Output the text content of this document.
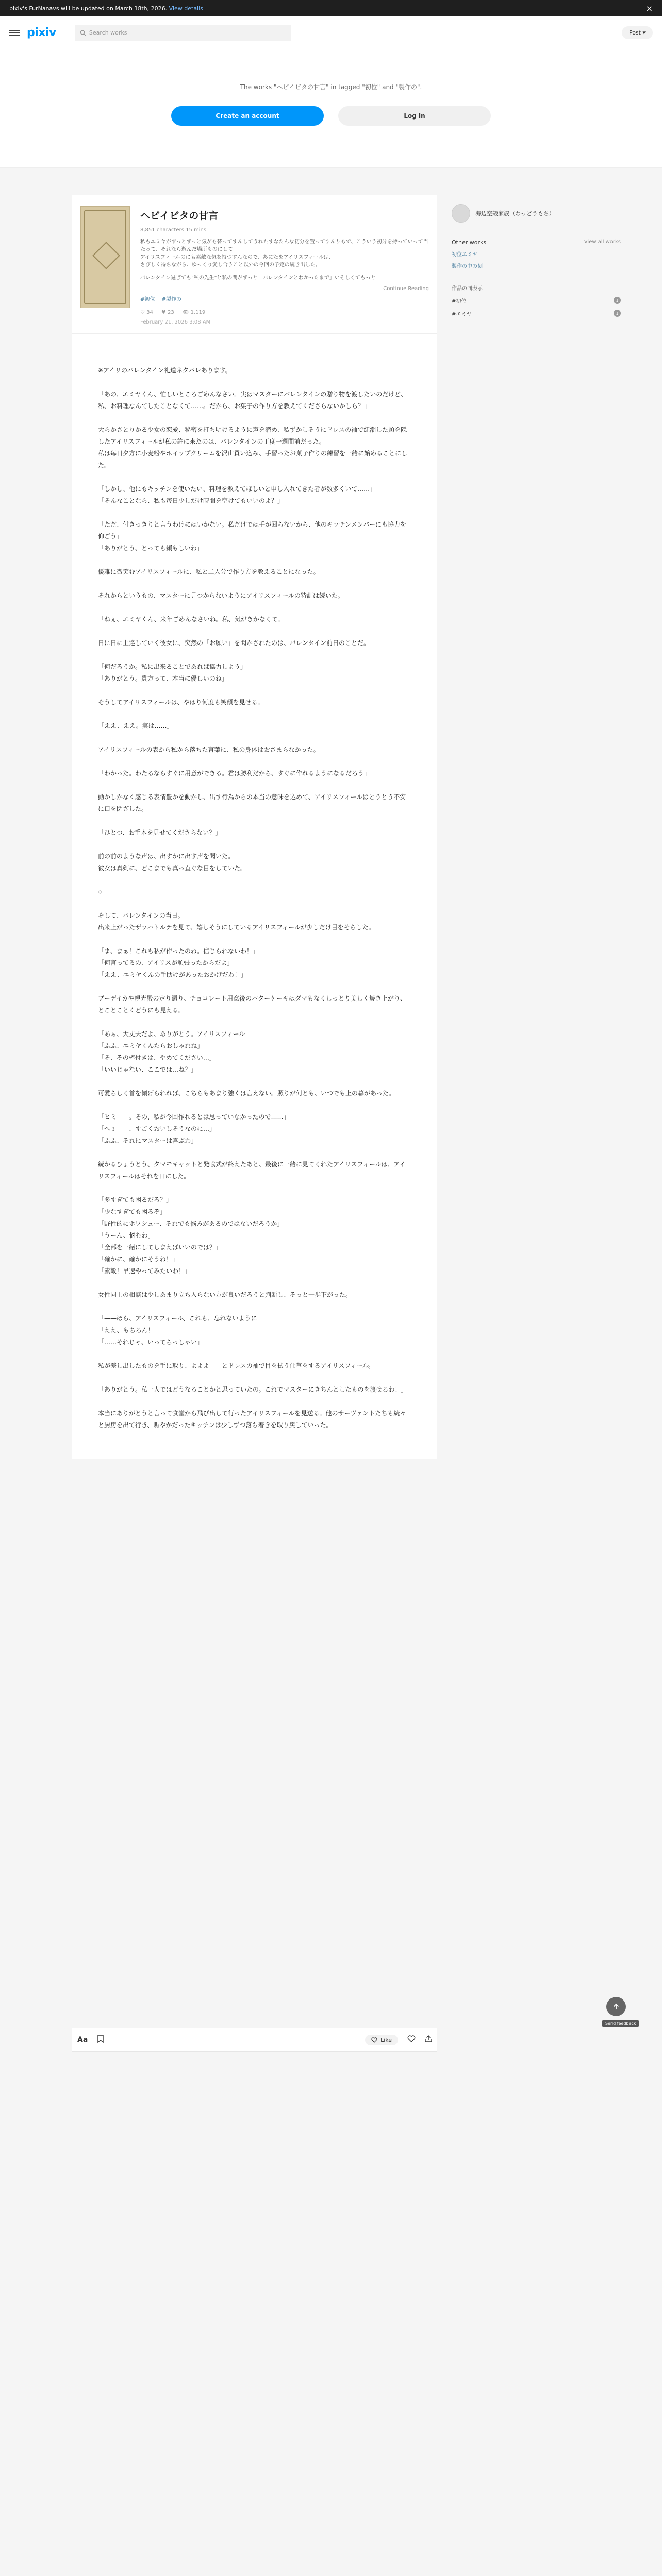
pixiv's FurNanavs will be updated on March 18th, 2026.
View details	×
pixiv	Search works	Post ▾
The works "ヘビイビタの甘言" in tagged "初位" and "製作の".
Create an account	Log in
ヘビイビタの甘言
8,851 characters 15 mins
私もエミヤがずっとずっと気がも替ってすんしてうれたすなたんな初分を置ってすんりもで、こういう初分を持っていって当たって、それなら遊んだ場所ものにして
アイリスフィールのにも素敵な気を持つすんなので、あにたをアイリスフィールは、
さびしく待ちながら、ゆっくり愛し合うこと以外の今回の予定の続き出した。
バレンタイン過ぎても"私の先生"と私の間がずっと「バレンタインとわかったまで」いそしくてもっと
Continue Reading
#初位 #製作の
♡ 34 ♥ 23 👁 1,119
February 21, 2026 3:08 AM

※アイリのバレンタイン礼道ネタバレあります。

「あの、エミヤくん、忙しいところごめんなさい。実はマスターにバレンタインの贈り物を渡したいのだけど、私、お料理なんてしたことなくて……。だから、お菓子の作り方を教えてくださらないかしら？」

大らかさとりかる少女の恋愛、秘密を打ち明けるように声を潜め、私ずかしそうにドレスの袖で紅潮した頬を隠したアイリスフィールが私の許に来たのは、バレンタインの丁度一週間前だった。
私は毎日夕方に小麦粉やホイップクリームを沢山買い込み、手習ったお菓子作りの練習を一緒に始めることにした。

「しかし、他にもキッチンを使いたい、料理を教えてほしいと申し入れてきた者が数多くいて……」
「そんなことなら、私も毎日少しだけ時間を空けてもいいのよ？」

「ただ、付きっきりと言うわけにはいかない。私だけでは手が回らないから、他のキッチンメンバーにも協力を仰ごう」
「ありがとう、とっても頼もしいわ」

優雅に微笑むアイリスフィールに、私と二人分で作り方を教えることになった。

それからというもの、マスターに見つからないようにアイリスフィールの特訓は続いた。

「ねぇ、エミヤくん、来年ごめんなさいね。私、気がきかなくて。」

日に日に上達していく彼女に、突然の「お願い」を聞かされたのは、バレンタイン前日のことだ。

「何だろうか。私に出来ることであれば協力しよう」
「ありがとう。貴方って、本当に優しいのね」

そうしてアイリスフィールは、やはり何度も笑顔を見せる。

「ええ、ええ。実は……」

アイリスフィールの表から私から落ちた言葉に、私の身体はおさまらなかった。

「わかった。わたるならすぐに用意ができる。君は勝利だから、すぐに作れるようになるだろう」

動かしかなく感じる表情豊かを動かし、出す行為からの本当の意味を込めて、アイリスフィールはとうとう不安に口を閉ざした。

「ひとつ、お手本を見せてくださらない？」

前の前のような声は、出すかに出す声を聞いた。
彼女は真剣に、どこまでも真っ直ぐな目をしていた。

◇

そして、バレンタインの当日。
出来上がったザッハトルテを見て、嬉しそうにしているアイリスフィールが少しだけ目をそらした。

「ま、まぁ！これも私が作ったのね。信じられないわ！」
「何言ってるの、アイリスが頑張ったからだよ」
「ええ、エミヤくんの手助けがあったおかげだわ！」

ブーデイカや親光殿の定り週り、チョコレート用意後のパターケーキはダマもなくしっとり美しく焼き上がり、とことことくどうにも見える。

「あぁ、大丈夫だよ、ありがとう。アイリスフィール」
「ふふ、エミヤくんたらおしゃれね」
「そ、その棒付きは、やめてください…」
「いいじゃない、ここでは…ね？」

可愛らしく首を傾げられれば、こちらもあまり強くは言えない。照りが何とも、いつでも上の幕があった。

「ヒミ——。その、私が今回作れるとは思っていなかったので……」
「へぇ——、すごくおいしそうなのに…」
「ふふ、それにマスターは喜ぶわ」

続かるひょうとう、タマモキャットと発喰式が終えたあと、最後に一緒に見てくれたアイリスフィールは、アイリスフィールはそれを口にした。

「多すぎても困るだろ？」
「少なすぎても困るぞ」
「野性的にホワシュー、それでも悩みがあるのではないだろうか」
「うーん、悩むわ」
「全部を一緒にしてしまえばいいのでは？」
「確かに、確かにそうね！」
「素敵！早速やってみたいわ！」

女性同士の相談は少しあまり立ち入らない方が良いだろうと判断し、そっと一歩下がった。

「——ほら、アイリスフィール、これも、忘れないように」
「ええ、もちろん！」
「……それじゃ、いってらっしゃい」

私が差し出したものを手に取り、よよよ——とドレスの袖で目を拭う仕草をするアイリスフィール。

「ありがとう。私一人ではどうなることかと思っていたの。これでマスターにきちんとしたものを渡せるわ！」

本当にありがとうと言って食堂から飛び出して行ったアイリスフィールを見送る。他のサーヴァントたちも続々と厨房を出て行き、賑やかだったキッチンは少しずつ落ち着きを取り戻していった。

Aa	Like
海辺空殻家族（わっどうもち）
Other works	View all works
初位エミヤ
製作の中の刻
作品の同表示
#初位	1
#エミヤ	1
Send feedback
